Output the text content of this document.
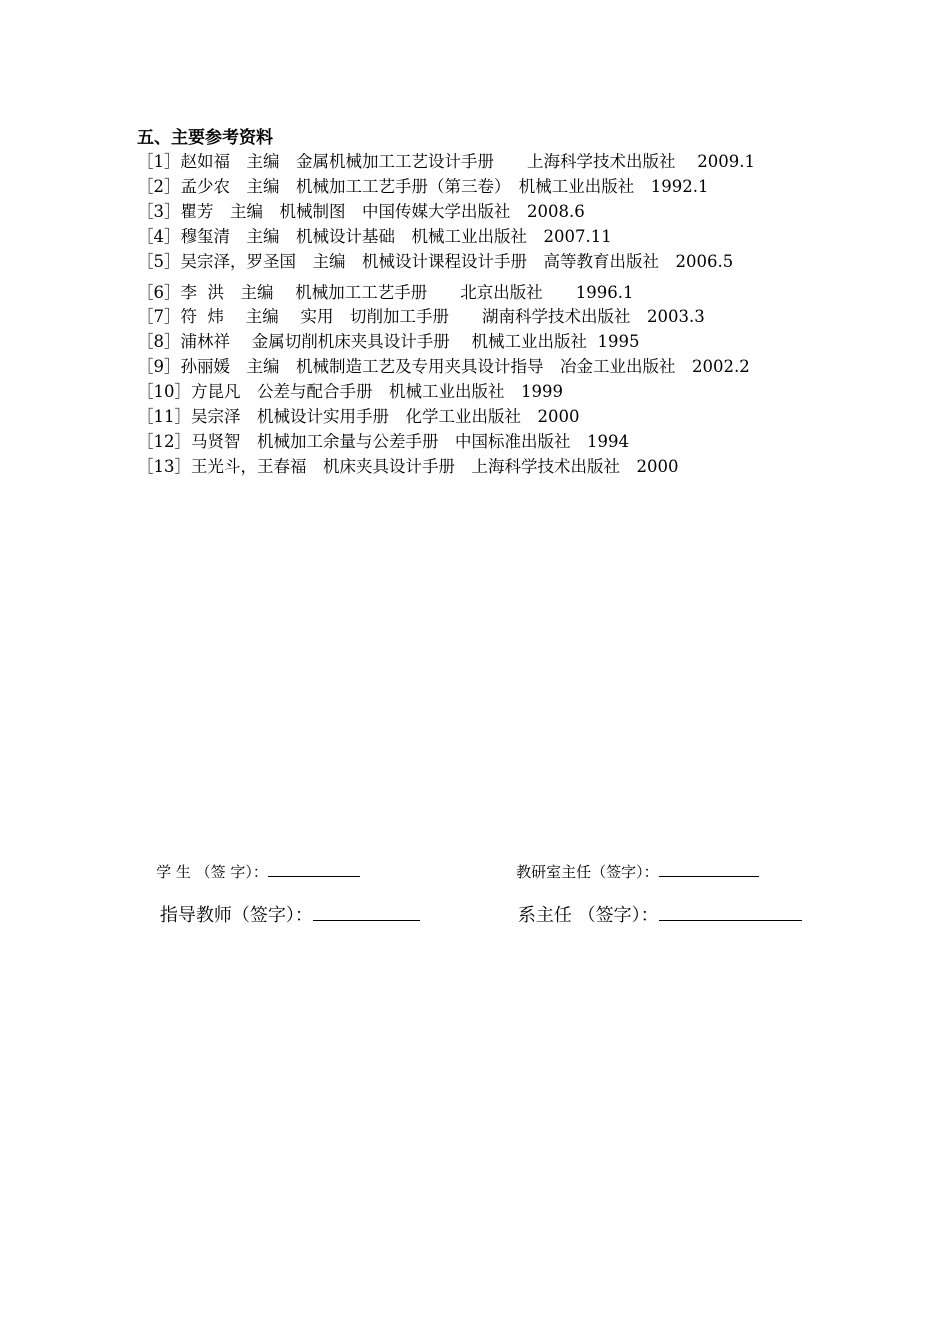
五、主要参考资料
［1］赵如福　主编　金属机械加工工艺设计手册　　上海科学技术出版社　 2009.1
［2］孟少农　主编　机械加工工艺手册（第三卷）　机械工业出版社　1992.1
［3］瞿芳　主编　机械制图　中国传媒大学出版社　2008.6
［4］穆玺清　主编　机械设计基础　机械工业出版社　2007.11
［5］吴宗泽，罗圣国　主编　机械设计课程设计手册　高等教育出版社　2006.5
［6］李  洪　主编　 机械加工工艺手册　　北京出版社　　1996.1
［7］符  炜　 主编　 实用　切削加工手册　　湖南科学技术出版社　2003.3
［8］浦林祥　 金属切削机床夹具设计手册　 机械工业出版社  1995
［9］孙丽媛　主编　机械制造工艺及专用夹具设计指导　冶金工业出版社　2002.2
［10］方昆凡　公差与配合手册　机械工业出版社　1999
［11］吴宗泽　机械设计实用手册　化学工业出版社　2000
［12］马贤智　机械加工余量与公差手册　中国标准出版社　1994
［13］王光斗，王春福　机床夹具设计手册　上海科学技术出版社　2000

学 生 （签 字）：
	教研室主任（签字）：

指导教师（签字）：
	系主任 （签字）：
